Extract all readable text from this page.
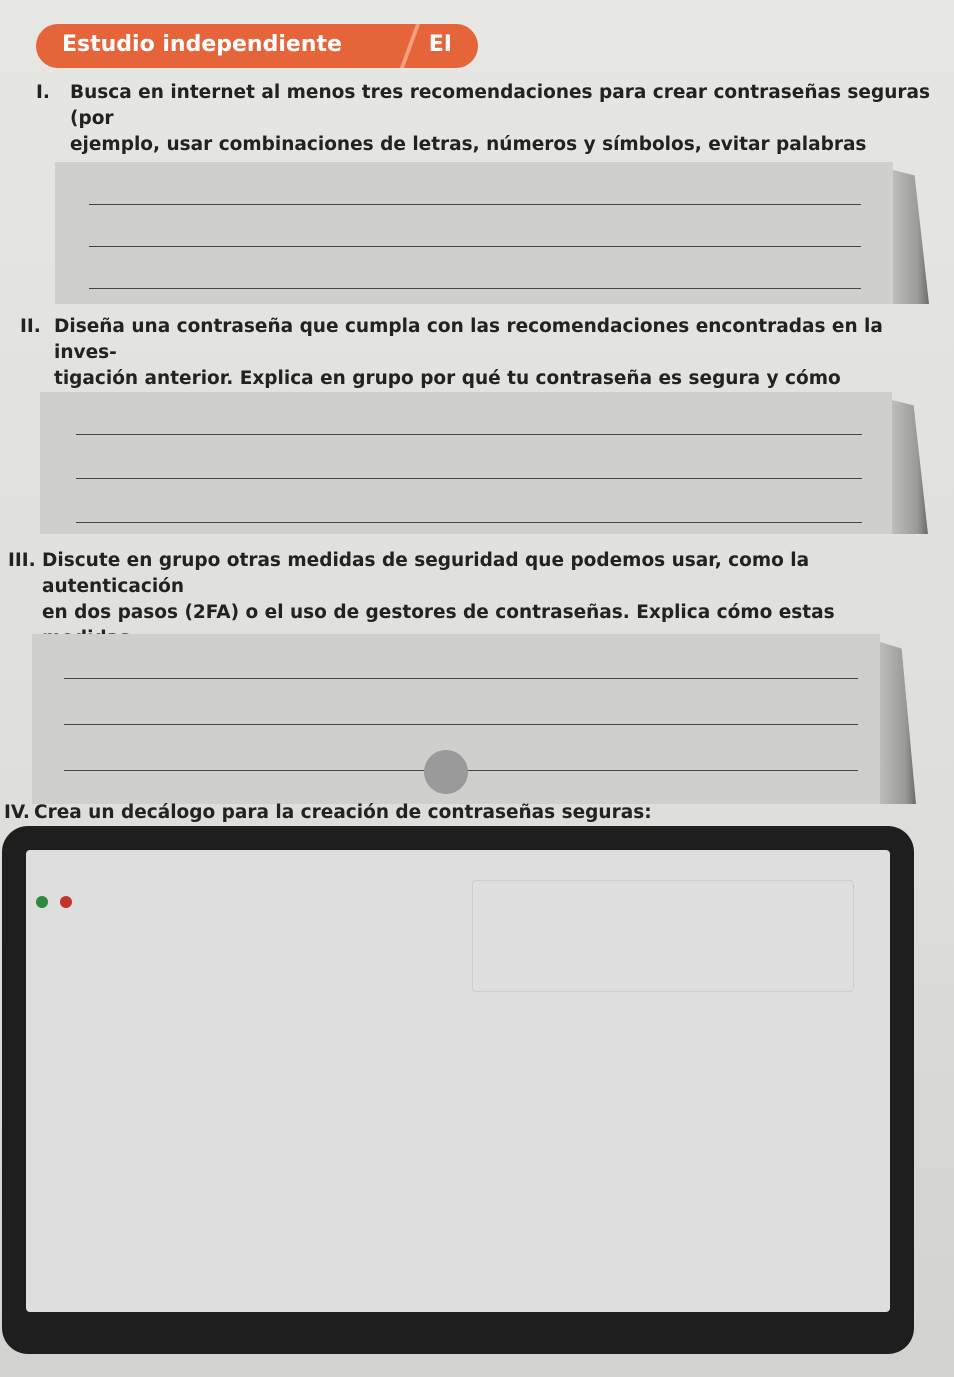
Estudio independiente	EI
I. Busca en internet al menos tres recomendaciones para crear contraseñas seguras (por
ejemplo, usar combinaciones de letras, números y símbolos, evitar palabras
II. Diseña una contraseña que cumpla con las recomendaciones encontradas en la inves-
tigación anterior. Explica en grupo por qué tu contraseña es segura y cómo
III. Discute en grupo otras medidas de seguridad que podemos usar, como la autenticación
en dos pasos (2FA) o el uso de gestores de contraseñas. Explica cómo estas
IV. Crea un decálogo para la creación de contraseñas seguras:
